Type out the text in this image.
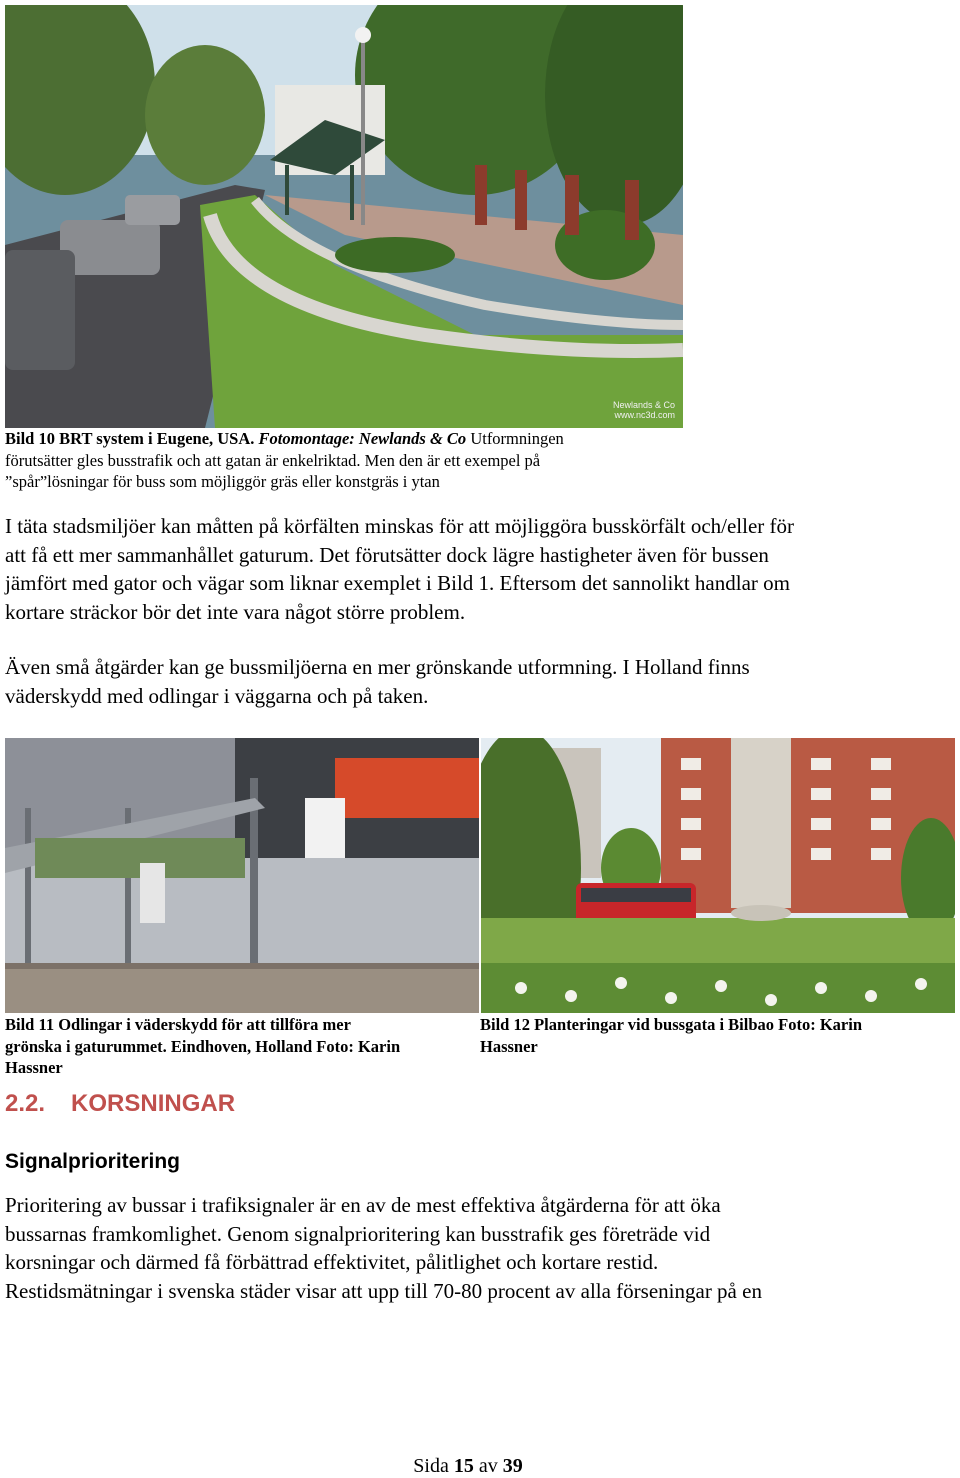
Newlands & Co
www.nc3d.com
Bild 10 BRT system i Eugene, USA. Fotomontage: Newlands & Co Utformningen
förutsätter gles busstrafik och att gatan är enkelriktad. Men den är ett exempel på
”spår”lösningar för buss som möjliggör gräs eller konstgräs i ytan
I täta stadsmiljöer kan måtten på körfälten minskas för att möjliggöra busskörfält och/eller för
att få ett mer sammanhållet gaturum. Det förutsätter dock lägre hastigheter även för bussen
jämfört med gator och vägar som liknar exemplet i Bild 1. Eftersom det sannolikt handlar om
kortare sträckor bör det inte vara något större problem.
Även små åtgärder kan ge bussmiljöerna en mer grönskande utformning. I Holland finns
väderskydd med odlingar i väggarna och på taken.
Bild 11 Odlingar i väderskydd för att tillföra mer
grönska i gaturummet. Eindhoven, Holland Foto: Karin
Hassner
Bild 12 Planteringar vid bussgata i Bilbao Foto: Karin
Hassner
2.2. KORSNINGAR
Signalprioritering
Prioritering av bussar i trafiksignaler är en av de mest effektiva åtgärderna för att öka
bussarnas framkomlighet. Genom signalprioritering kan busstrafik ges företräde vid
korsningar och därmed få förbättrad effektivitet, pålitlighet och kortare restid.
Restidsmätningar i svenska städer visar att upp till 70-80 procent av alla förseningar på en
Sida 15 av 39
